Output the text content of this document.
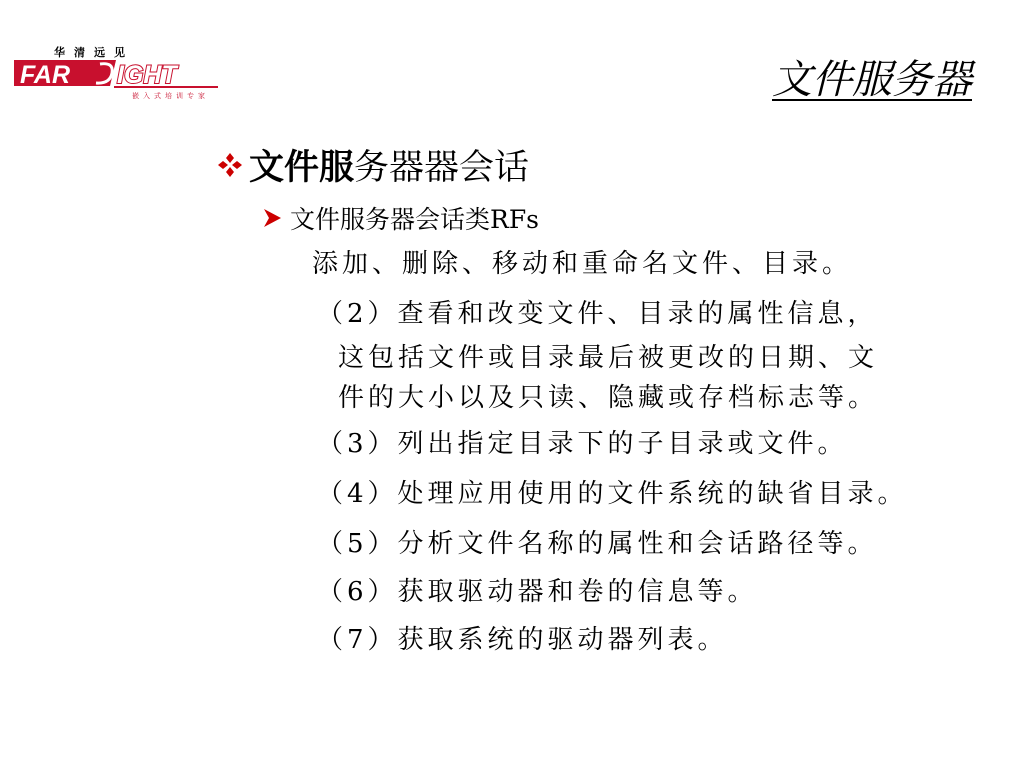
华清远见
FAR IGHT
嵌入式培训专家	文件服务器
文件服务器器会话
文件服务器会话类RFs
添加、删除、移动和重命名文件、目录。
（2）查看和改变文件、目录的属性信息，
这包括文件或目录最后被更改的日期、文
件的大小以及只读、隐藏或存档标志等。
（3）列出指定目录下的子目录或文件。
（4）处理应用使用的文件系统的缺省目录。
（5）分析文件名称的属性和会话路径等。
（6）获取驱动器和卷的信息等。
（7）获取系统的驱动器列表。
